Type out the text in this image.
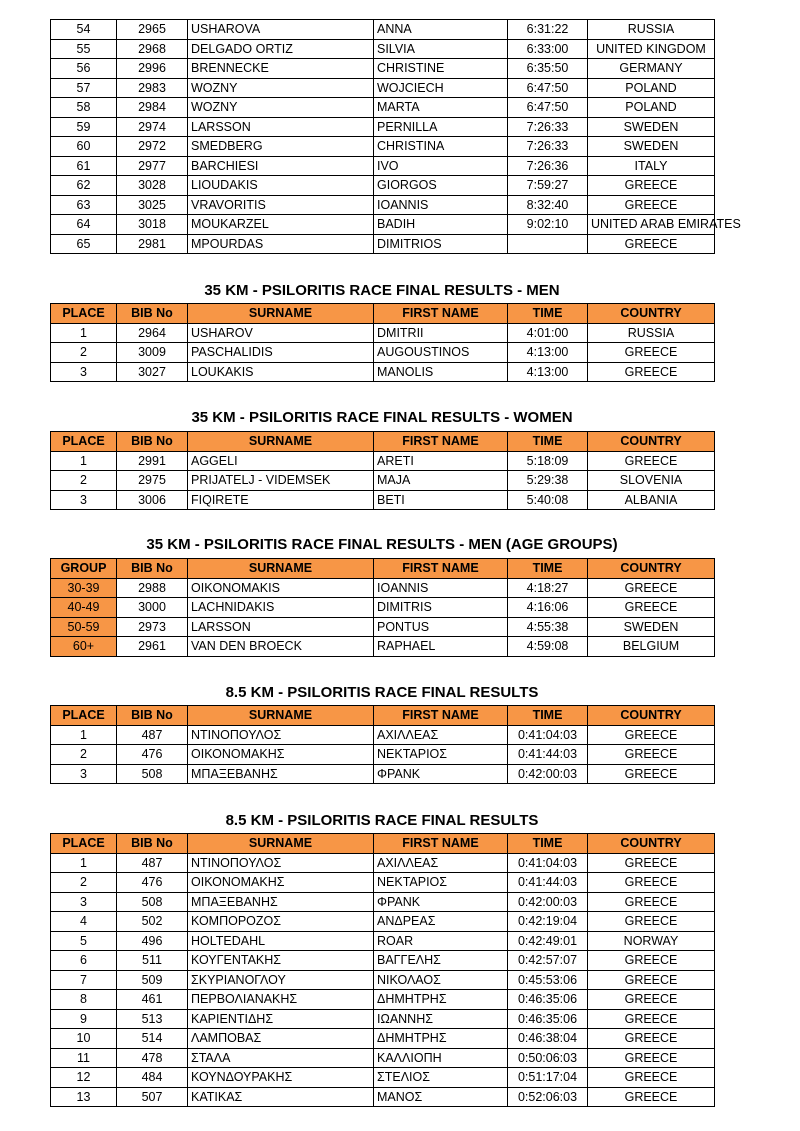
54	2965	USHAROVA	ANNA	6:31:22	RUSSIA
55	2968	DELGADO ORTIZ	SILVIA	6:33:00	UNITED KINGDOM
56	2996	BRENNECKE	CHRISTINE	6:35:50	GERMANY
57	2983	WOZNY	WOJCIECH	6:47:50	POLAND
58	2984	WOZNY	MARTA	6:47:50	POLAND
59	2974	LARSSON	PERNILLA	7:26:33	SWEDEN
60	2972	SMEDBERG	CHRISTINA	7:26:33	SWEDEN
61	2977	BARCHIESI	IVO	7:26:36	ITALY
62	3028	LIOUDAKIS	GIORGOS	7:59:27	GREECE
63	3025	VRAVORITIS	IOANNIS	8:32:40	GREECE
64	3018	MOUKARZEL	BADIH	9:02:10	UNITED ARAB EMIRATES
65	2981	MPOURDAS	DIMITRIOS		GREECE
35 KM - PSILORITIS RACE FINAL RESULTS - MEN
PLACE	BIB No	SURNAME	FIRST NAME	TIME	COUNTRY
1	2964	USHAROV	DMITRII	4:01:00	RUSSIA
2	3009	PASCHALIDIS	AUGOUSTINOS	4:13:00	GREECE
3	3027	LOUKAKIS	MANOLIS	4:13:00	GREECE
35 KM - PSILORITIS RACE FINAL RESULTS - WOMEN
PLACE	BIB No	SURNAME	FIRST NAME	TIME	COUNTRY
1	2991	AGGELI	ARETI	5:18:09	GREECE
2	2975	PRIJATELJ - VIDEMSEK	MAJA	5:29:38	SLOVENIA
3	3006	FIQIRETE	BETI	5:40:08	ALBANIA
35 KM - PSILORITIS RACE FINAL RESULTS - MEN (AGE GROUPS)
GROUP	BIB No	SURNAME	FIRST NAME	TIME	COUNTRY
30-39	2988	OIKONOMAKIS	IOANNIS	4:18:27	GREECE
40-49	3000	LACHNIDAKIS	DIMITRIS	4:16:06	GREECE
50-59	2973	LARSSON	PONTUS	4:55:38	SWEDEN
60+	2961	VAN DEN BROECK	RAPHAEL	4:59:08	BELGIUM
8.5 KM - PSILORITIS RACE FINAL RESULTS
PLACE	BIB No	SURNAME	FIRST NAME	TIME	COUNTRY
1	487	ΝΤΙΝΟΠΟΥΛΟΣ	ΑΧΙΛΛΕΑΣ	0:41:04:03	GREECE
2	476	ΟΙΚΟΝΟΜΑΚΗΣ	ΝΕΚΤΑΡΙΟΣ	0:41:44:03	GREECE
3	508	ΜΠΑΞΕΒΑΝΗΣ	ΦΡΑΝΚ	0:42:00:03	GREECE
8.5 KM - PSILORITIS RACE FINAL RESULTS
PLACE	BIB No	SURNAME	FIRST NAME	TIME	COUNTRY
1	487	ΝΤΙΝΟΠΟΥΛΟΣ	ΑΧΙΛΛΕΑΣ	0:41:04:03	GREECE
2	476	ΟΙΚΟΝΟΜΑΚΗΣ	ΝΕΚΤΑΡΙΟΣ	0:41:44:03	GREECE
3	508	ΜΠΑΞΕΒΑΝΗΣ	ΦΡΑΝΚ	0:42:00:03	GREECE
4	502	ΚΟΜΠΟΡΟΖΟΣ	ΑΝΔΡΕΑΣ	0:42:19:04	GREECE
5	496	HOLTEDAHL	ROAR	0:42:49:01	NORWAY
6	511	ΚΟΥΓΕΝΤΑΚΗΣ	ΒΑΓΓΕΛΗΣ	0:42:57:07	GREECE
7	509	ΣΚΥΡΙΑΝΟΓΛΟΥ	ΝΙΚΟΛΑΟΣ	0:45:53:06	GREECE
8	461	ΠΕΡΒΟΛΙΑΝΑΚΗΣ	ΔΗΜΗΤΡΗΣ	0:46:35:06	GREECE
9	513	ΚΑΡΙΕΝΤΙΔΗΣ	ΙΩΑΝΝΗΣ	0:46:35:06	GREECE
10	514	ΛΑΜΠΟΒΑΣ	ΔΗΜΗΤΡΗΣ	0:46:38:04	GREECE
11	478	ΣΤΑΛΑ	ΚΑΛΛΙΟΠΗ	0:50:06:03	GREECE
12	484	ΚΟΥΝΔΟΥΡΑΚΗΣ	ΣΤΕΛΙΟΣ	0:51:17:04	GREECE
13	507	ΚΑΤΙΚΑΣ	ΜΑΝΟΣ	0:52:06:03	GREECE
